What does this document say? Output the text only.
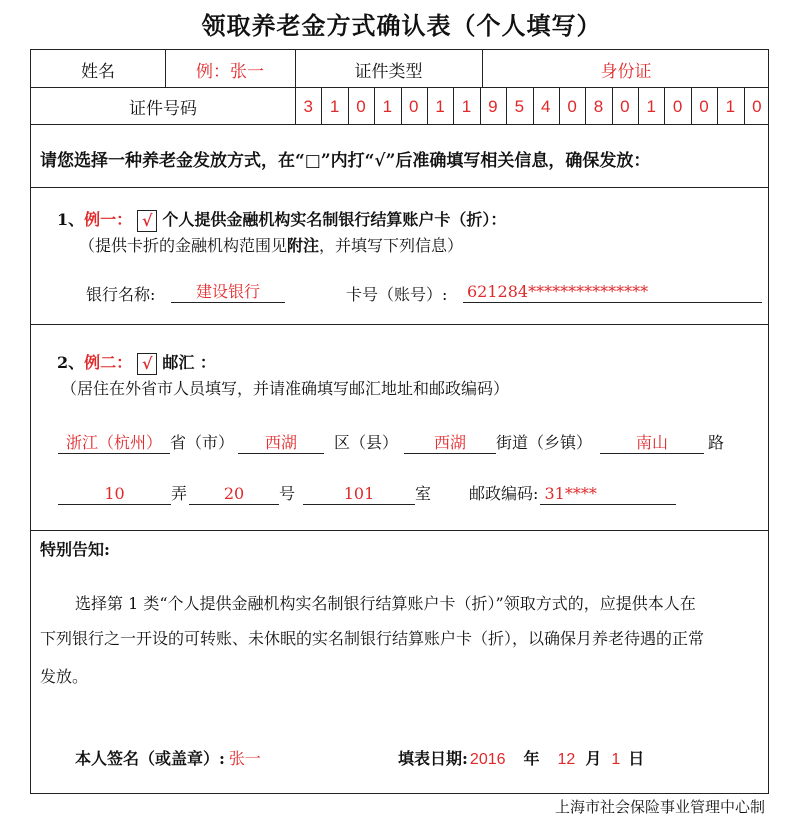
领取养老金方式确认表（个人填写）
姓名	例：张一	证件类型	身份证
证件号码	3 1 0 1 0 1 1 9 5 4 0 8 0 1 0 0 1 0
请您选择一种养老金发放方式，在“□”内打“√”后准确填写相关信息，确保发放：
1、例一： √ 个人提供金融机构实名制银行结算账户卡（折）：
（提供卡折的金融机构范围见附注，并填写下列信息）
银行名称:	建设银行	卡号（账号）: 621284***************
2、例二： √ 邮汇 ：
（居住在外省市人员填写，并请准确填写邮汇地址和邮政编码）
浙江（杭州） 省（市） 西湖 区（县） 西湖 街道（乡镇）	南山	路
10	弄 20 号	101	室 邮政编码: 31****
特别告知:
选择第 1 类“个人提供金融机构实名制银行结算账户卡（折）”领取方式的，应提供本人在
下列银行之一开设的可转账、未休眠的实名制银行结算账户卡（折），以确保月养老待遇的正常
发放。
本人签名（或盖章）: 张一	填表日期: 2016 年 12 月 1 日
上海市社会保险事业管理中心制
